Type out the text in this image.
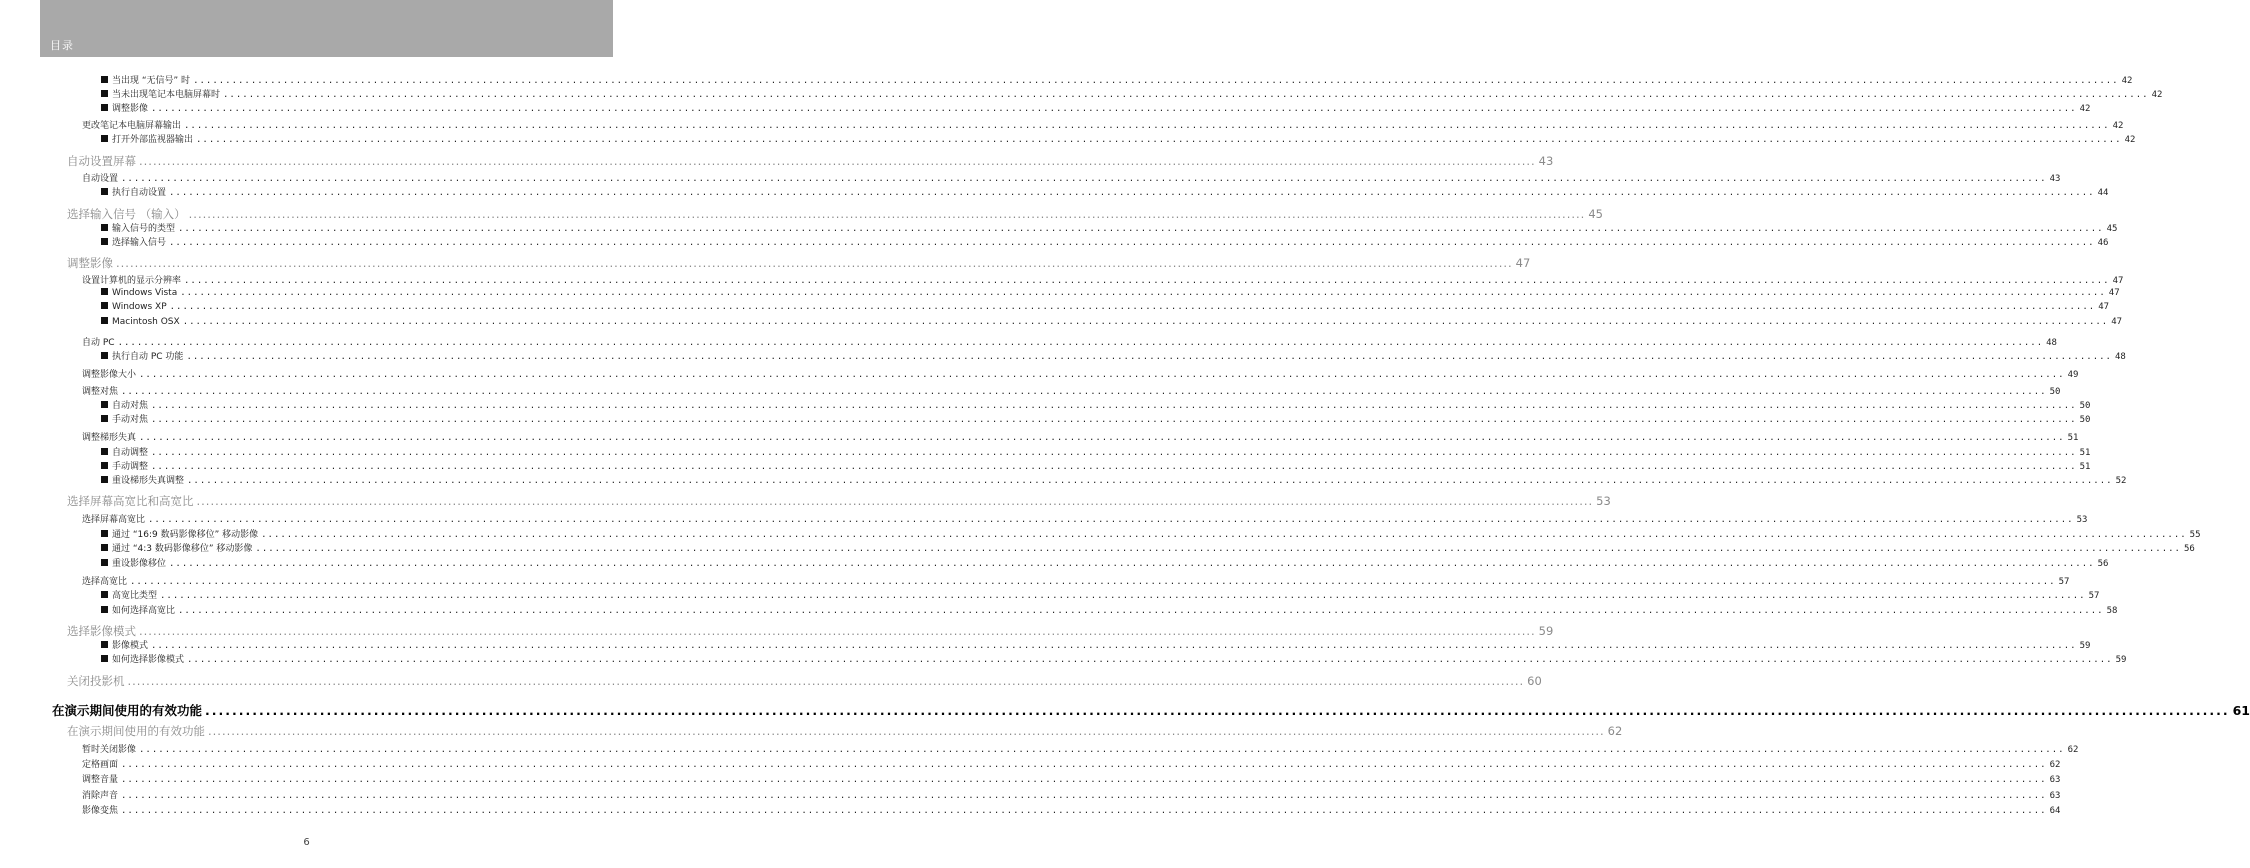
目录
当出现 “无信号” 时 ............................................................................................................................................................................................................................................................................................................ 42
当未出现笔记本电脑屏幕时 ............................................................................................................................................................................................................................................................................................................ 42
调整影像 ............................................................................................................................................................................................................................................................................................................ 42
更改笔记本电脑屏幕输出 ............................................................................................................................................................................................................................................................................................................ 42
打开外部监视器输出 ............................................................................................................................................................................................................................................................................................................ 42
自动设置屏幕 ............................................................................................................................................................................................................................................................................................................ 43
自动设置 ............................................................................................................................................................................................................................................................................................................ 43
执行自动设置 ............................................................................................................................................................................................................................................................................................................ 44
选择输入信号 （输入） ............................................................................................................................................................................................................................................................................................................ 45
输入信号的类型 ............................................................................................................................................................................................................................................................................................................ 45
选择输入信号 ............................................................................................................................................................................................................................................................................................................ 46
调整影像 ............................................................................................................................................................................................................................................................................................................ 47
设置计算机的显示分辨率 ............................................................................................................................................................................................................................................................................................................ 47
Windows Vista ............................................................................................................................................................................................................................................................................................................ 47
Windows XP ............................................................................................................................................................................................................................................................................................................ 47
Macintosh OSX ............................................................................................................................................................................................................................................................................................................ 47
自动 PC ............................................................................................................................................................................................................................................................................................................ 48
执行自动 PC 功能 ............................................................................................................................................................................................................................................................................................................ 48
调整影像大小 ............................................................................................................................................................................................................................................................................................................ 49
调整对焦 ............................................................................................................................................................................................................................................................................................................ 50
自动对焦 ............................................................................................................................................................................................................................................................................................................ 50
手动对焦 ............................................................................................................................................................................................................................................................................................................ 50
调整梯形失真 ............................................................................................................................................................................................................................................................................................................ 51
自动调整 ............................................................................................................................................................................................................................................................................................................ 51
手动调整 ............................................................................................................................................................................................................................................................................................................ 51
重设梯形失真调整 ............................................................................................................................................................................................................................................................................................................ 52
选择屏幕高宽比和高宽比 ............................................................................................................................................................................................................................................................................................................ 53
选择屏幕高宽比 ............................................................................................................................................................................................................................................................................................................ 53
通过 “16:9 数码影像移位” 移动影像 ............................................................................................................................................................................................................................................................................................................ 55
通过 “4:3 数码影像移位” 移动影像 ............................................................................................................................................................................................................................................................................................................ 56
重设影像移位 ............................................................................................................................................................................................................................................................................................................ 56
选择高宽比 ............................................................................................................................................................................................................................................................................................................ 57
高宽比类型 ............................................................................................................................................................................................................................................................................................................ 57
如何选择高宽比 ............................................................................................................................................................................................................................................................................................................ 58
选择影像模式 ............................................................................................................................................................................................................................................................................................................ 59
影像模式 ............................................................................................................................................................................................................................................................................................................ 59
如何选择影像模式 ............................................................................................................................................................................................................................................................................................................ 59
关闭投影机 ............................................................................................................................................................................................................................................................................................................ 60
在演示期间使用的有效功能 ............................................................................................................................................................................................................................................................................................................ 61
在演示期间使用的有效功能 ............................................................................................................................................................................................................................................................................................................ 62
暂时关闭影像 ............................................................................................................................................................................................................................................................................................................ 62
定格画面 ............................................................................................................................................................................................................................................................................................................ 62
调整音量 ............................................................................................................................................................................................................................................................................................................ 63
消除声音 ............................................................................................................................................................................................................................................................................................................ 63
影像变焦 ............................................................................................................................................................................................................................................................................................................ 64
6
